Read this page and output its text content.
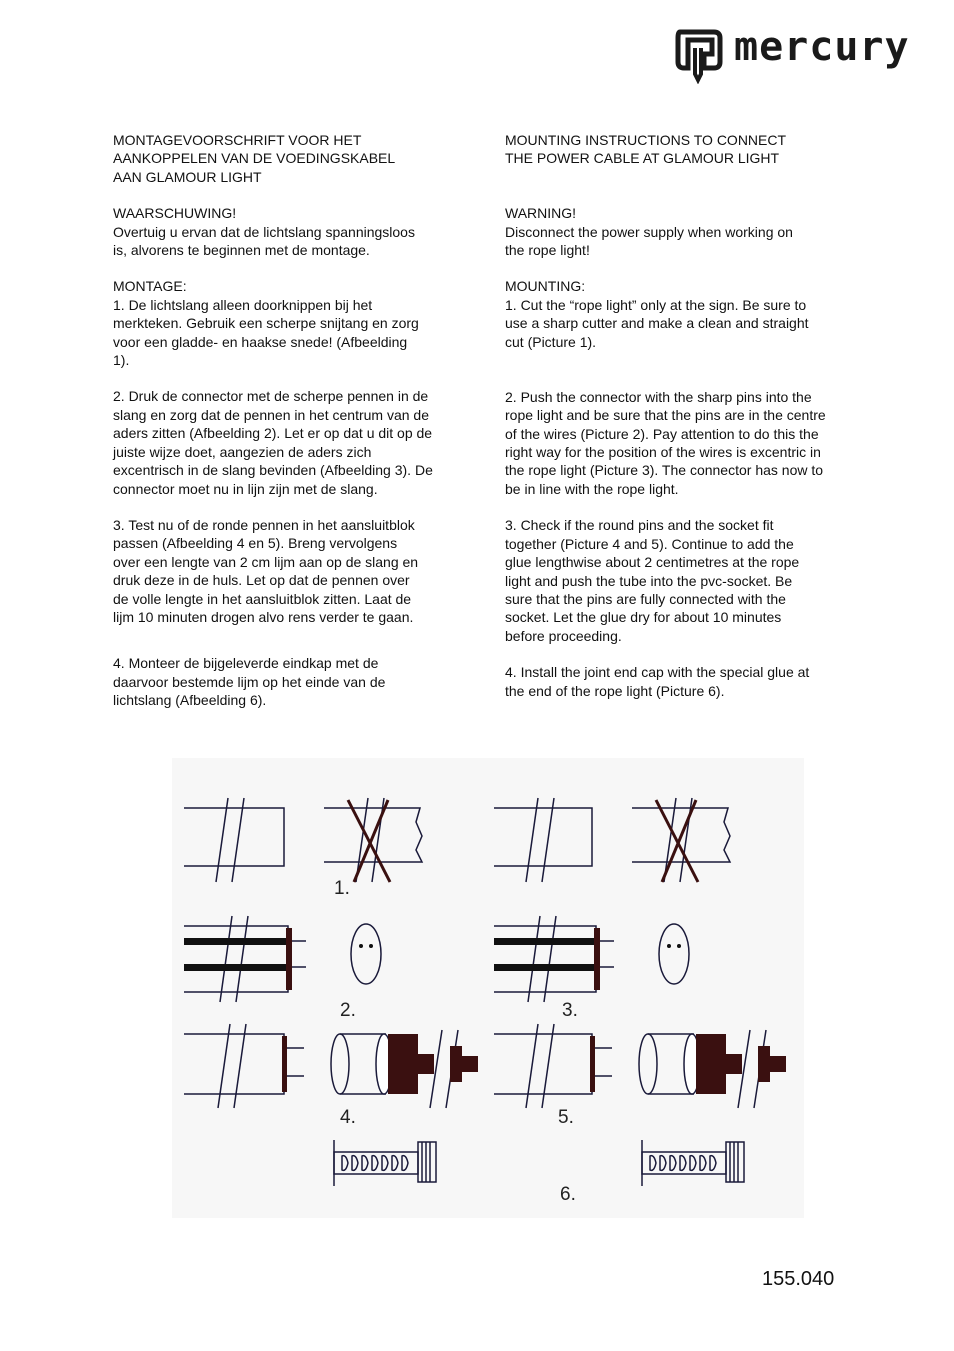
mercury

MONTAGEVOORSCHRIFT VOOR HET

AANKOPPELEN VAN DE VOEDINGSKABEL

AAN GLAMOUR LIGHT

WAARSCHUWING!

Overtuig u ervan dat de lichtslang spanningsloos is, alvorens te beginnen met de montage.

MONTAGE:

1. De lichtslang alleen doorknippen bij het merkteken. Gebruik een scherpe snijtang en zorg voor een gladde- en haakse snede! (Afbeelding 1).

2. Druk de connector met de scherpe pennen in de slang en zorg dat de pennen in het centrum van de aders zitten (Afbeelding 2). Let er op dat u dit op de juiste wijze doet, aangezien de aders zich excentrisch in de slang bevinden (Afbeelding 3). De connector moet nu in lijn zijn met de slang.

3. Test nu of de ronde pennen in het aansluitblok passen (Afbeelding 4 en 5). Breng vervolgens over een lengte van 2 cm lijm aan op de slang en druk deze in de huls. Let op dat de pennen over de volle lengte in het aansluitblok zitten. Laat de lijm 10 minuten drogen alvo rens verder te gaan.

4. Monteer de bijgeleverde eindkap met de daarvoor bestemde lijm op het einde van de lichtslang (Afbeelding 6).

MOUNTING INSTRUCTIONS TO CONNECT

THE POWER CABLE AT GLAMOUR LIGHT

WARNING!

Disconnect the power supply when working on the rope light!

MOUNTING:

1. Cut the “rope light” only at the sign. Be sure to use a sharp cutter and make a clean and straight cut (Picture 1).

2. Push the connector with the sharp pins into the rope light and be sure that the pins are in the centre of the wires (Picture 2). Pay attention to do this the right way for the position of the wires is excentric in the rope light (Picture 3). The connector has now to be in line with the rope light.

3. Check if the round pins and the socket fit together (Picture 4 and 5). Continue to add the glue lengthwise about 2 centimetres at the rope light and push the tube into the pvc-socket. Be sure that the pins are fully connected with the socket. Let the glue dry for about 10 minutes before proceeding.

4. Install the joint end cap with the special glue at the end of the rope light (Picture 6).

1.
2.	3.
4.	5.
6.
155.040
